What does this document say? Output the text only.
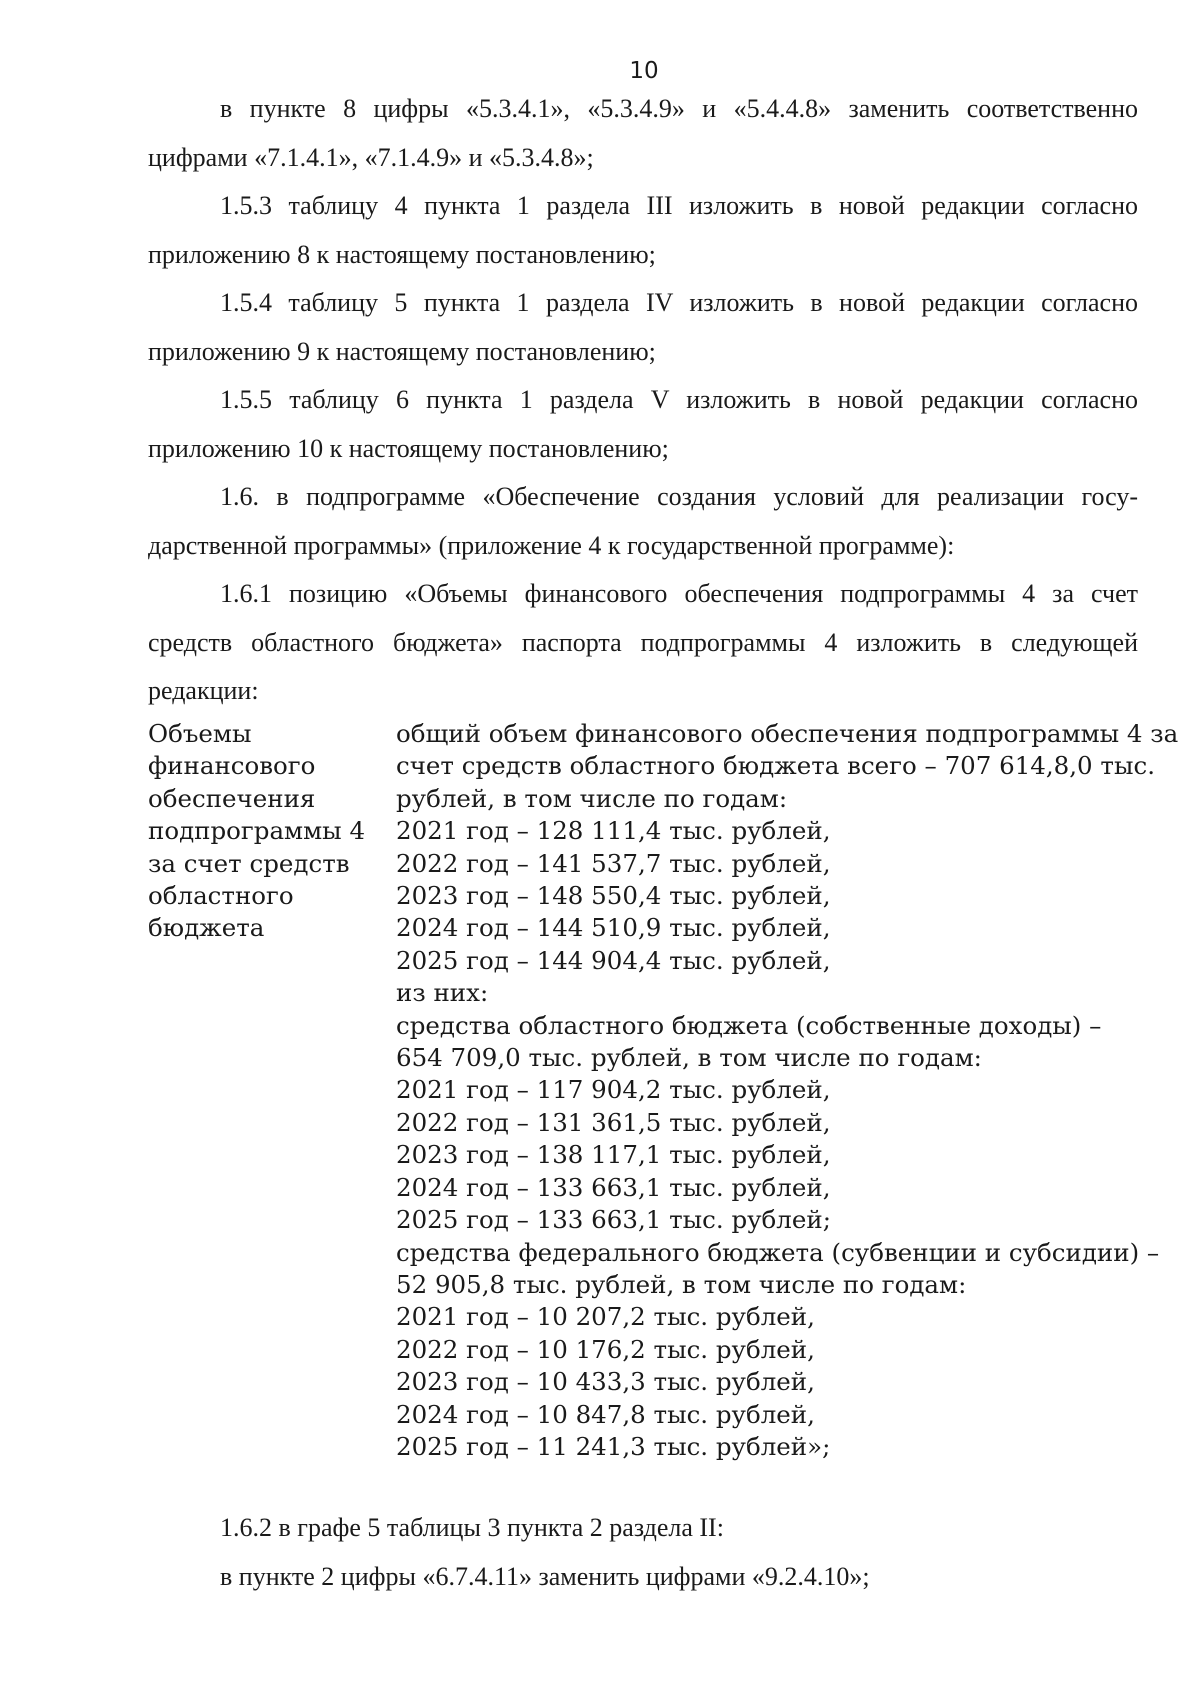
10
в пункте 8 цифры «5.3.4.1», «5.3.4.9» и «5.4.4.8» заменить соответственно
цифрами «7.1.4.1», «7.1.4.9» и «5.3.4.8»;
1.5.3 таблицу 4 пункта 1 раздела III изложить в новой редакции согласно
приложению 8 к настоящему постановлению;
1.5.4 таблицу 5 пункта 1 раздела IV изложить в новой редакции согласно
приложению 9 к настоящему постановлению;
1.5.5 таблицу 6 пункта 1 раздела V изложить в новой редакции согласно
приложению 10 к настоящему постановлению;
1.6. в подпрограмме «Обеспечение создания условий для реализации госу-
дарственной программы» (приложение 4 к государственной программе):
1.6.1 позицию «Объемы финансового обеспечения подпрограммы 4 за счет
средств областного бюджета» паспорта подпрограммы 4 изложить в следующей
редакции:
Объемы
финансового
обеспечения
подпрограммы 4
за счет средств
областного
бюджета
общий объем финансового обеспечения подпрограммы 4 за
счет средств областного бюджета всего – 707 614,8,0 тыс.
рублей, в том числе по годам:
2021 год – 128 111,4 тыс. рублей,
2022 год – 141 537,7 тыс. рублей,
2023 год – 148 550,4 тыс. рублей,
2024 год – 144 510,9 тыс. рублей,
2025 год – 144 904,4 тыс. рублей,
из них:
средства областного бюджета (собственные доходы) –
654 709,0 тыс. рублей, в том числе по годам:
2021 год – 117 904,2 тыс. рублей,
2022 год – 131 361,5 тыс. рублей,
2023 год – 138 117,1 тыс. рублей,
2024 год – 133 663,1 тыс. рублей,
2025 год – 133 663,1 тыс. рублей;
средства федерального бюджета (субвенции и субсидии) –
52 905,8 тыс. рублей, в том числе по годам:
2021 год – 10 207,2 тыс. рублей,
2022 год – 10 176,2 тыс. рублей,
2023 год – 10 433,3 тыс. рублей,
2024 год – 10 847,8 тыс. рублей,
2025 год – 11 241,3 тыс. рублей»;

1.6.2 в графе 5 таблицы 3 пункта 2 раздела II:

в пункте 2 цифры «6.7.4.11» заменить цифрами «9.2.4.10»;
